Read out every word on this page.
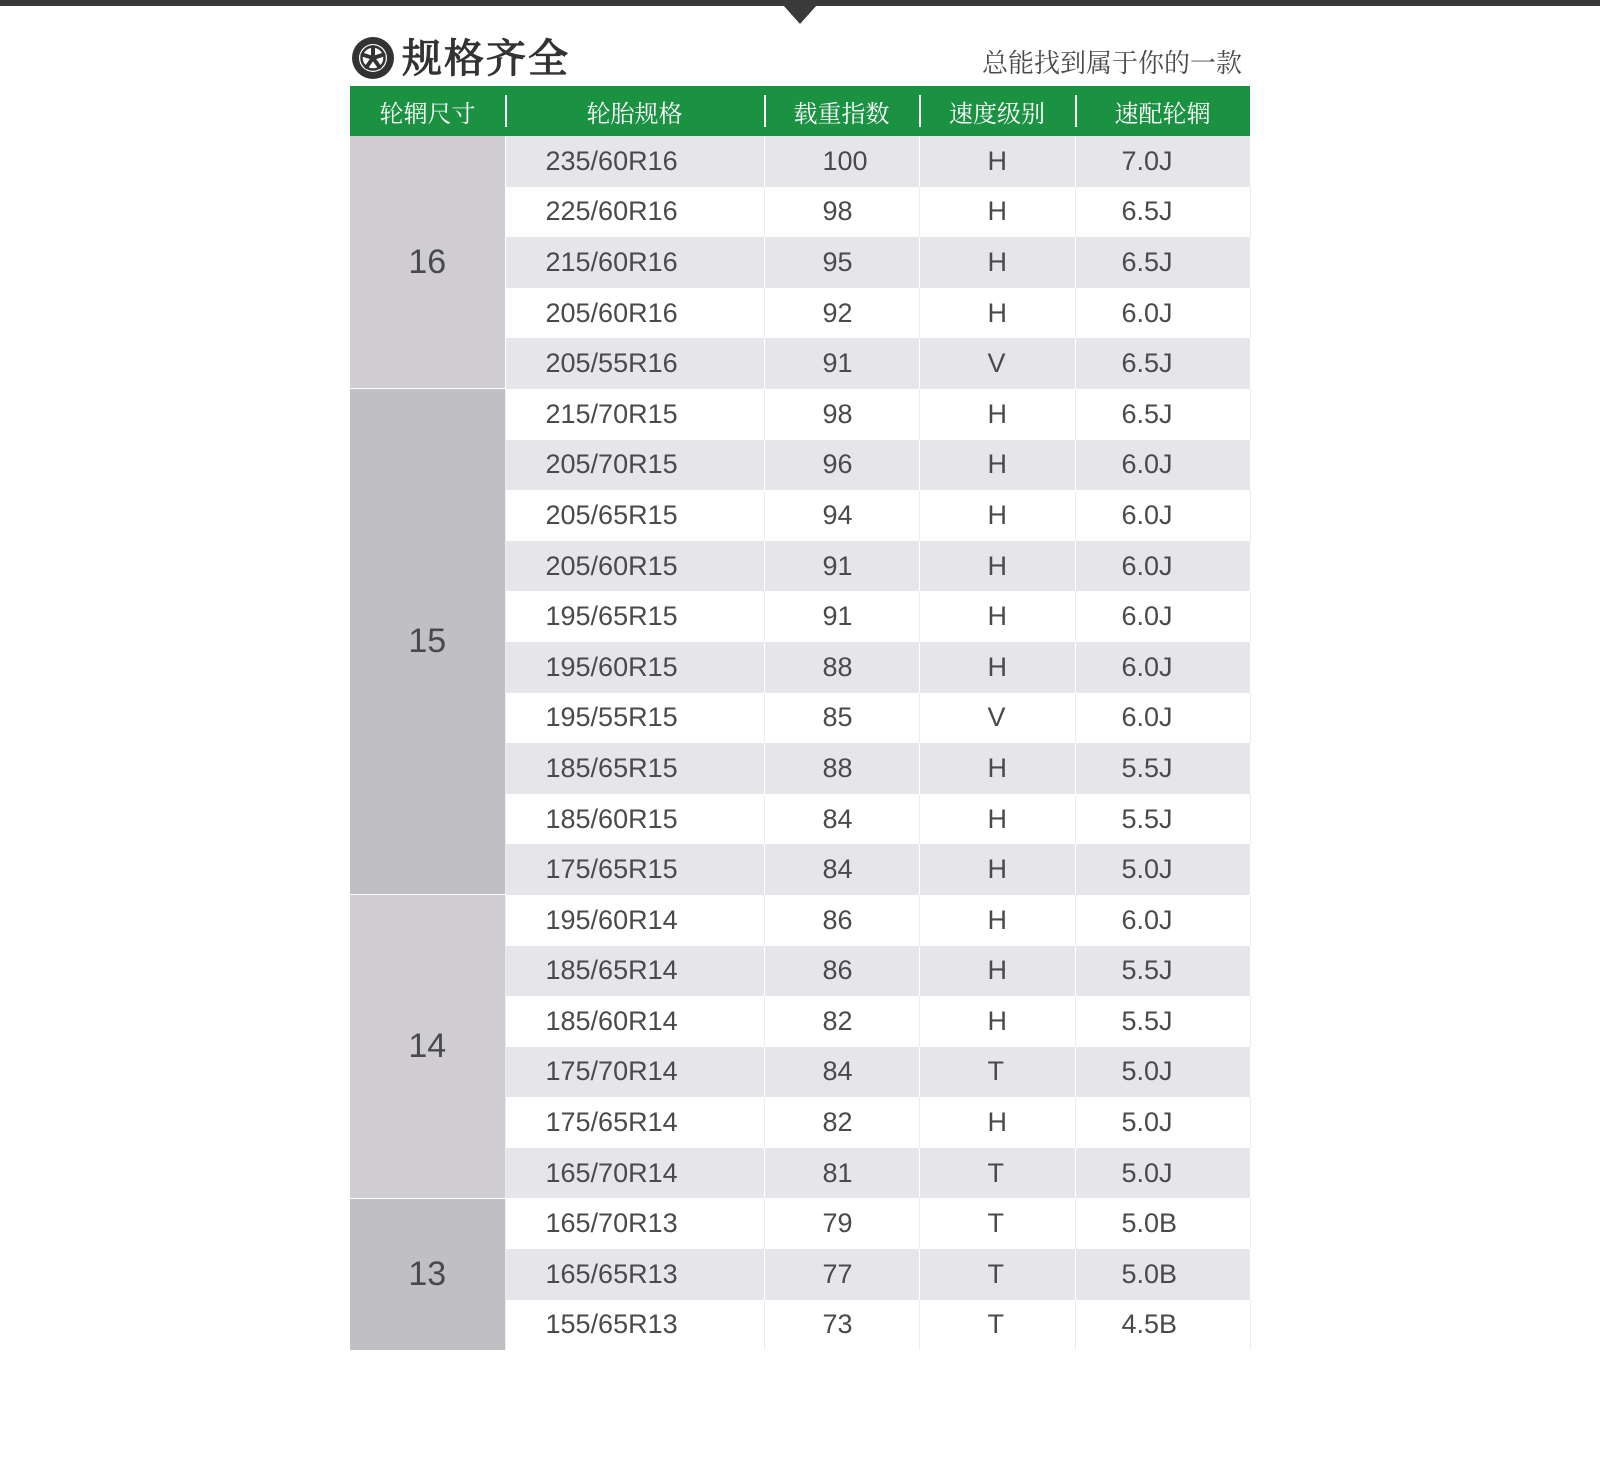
规格齐全	总能找到属于你的一款
轮辋尺寸	轮胎规格	载重指数	速度级别	速配轮辋
16	235/60R16	100	H	7.0J
	225/60R16	98	H	6.5J
	215/60R16	95	H	6.5J
	205/60R16	92	H	6.0J
	205/55R16	91	V	6.5J
15	215/70R15	98	H	6.5J
	205/70R15	96	H	6.0J
	205/65R15	94	H	6.0J
	205/60R15	91	H	6.0J
	195/65R15	91	H	6.0J
	195/60R15	88	H	6.0J
	195/55R15	85	V	6.0J
	185/65R15	88	H	5.5J
	185/60R15	84	H	5.5J
	175/65R15	84	H	5.0J
14	195/60R14	86	H	6.0J
	185/65R14	86	H	5.5J
	185/60R14	82	H	5.5J
	175/70R14	84	T	5.0J
	175/65R14	82	H	5.0J
	165/70R14	81	T	5.0J
13	165/70R13	79	T	5.0B
	165/65R13	77	T	5.0B
	155/65R13	73	T	4.5B
